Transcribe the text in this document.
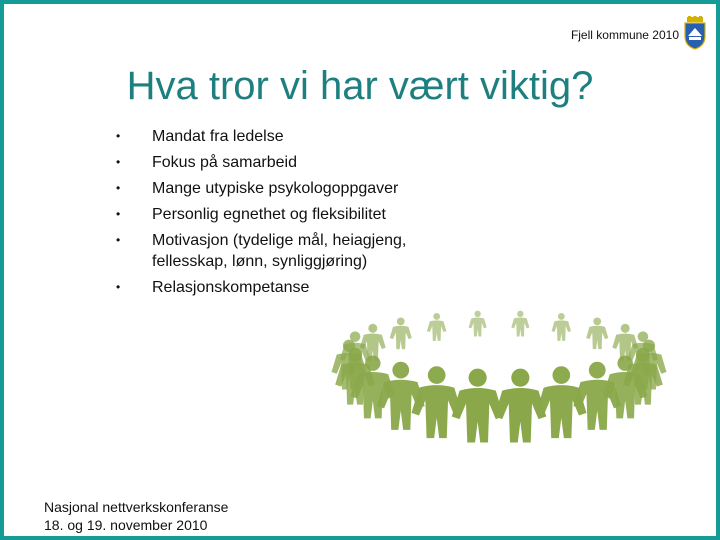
Fjell kommune 2010
Hva tror vi har vært viktig?
•	Mandat fra ledelse
•	Fokus på samarbeid
•	Mange utypiske psykologoppgaver
•	Personlig egnethet og fleksibilitet
•	Motivasjon (tydelige mål, heiagjeng, fellesskap, lønn, synliggjøring)
•	Relasjonskompetanse
Nasjonal nettverkskonferanse
18. og 19. november 2010
